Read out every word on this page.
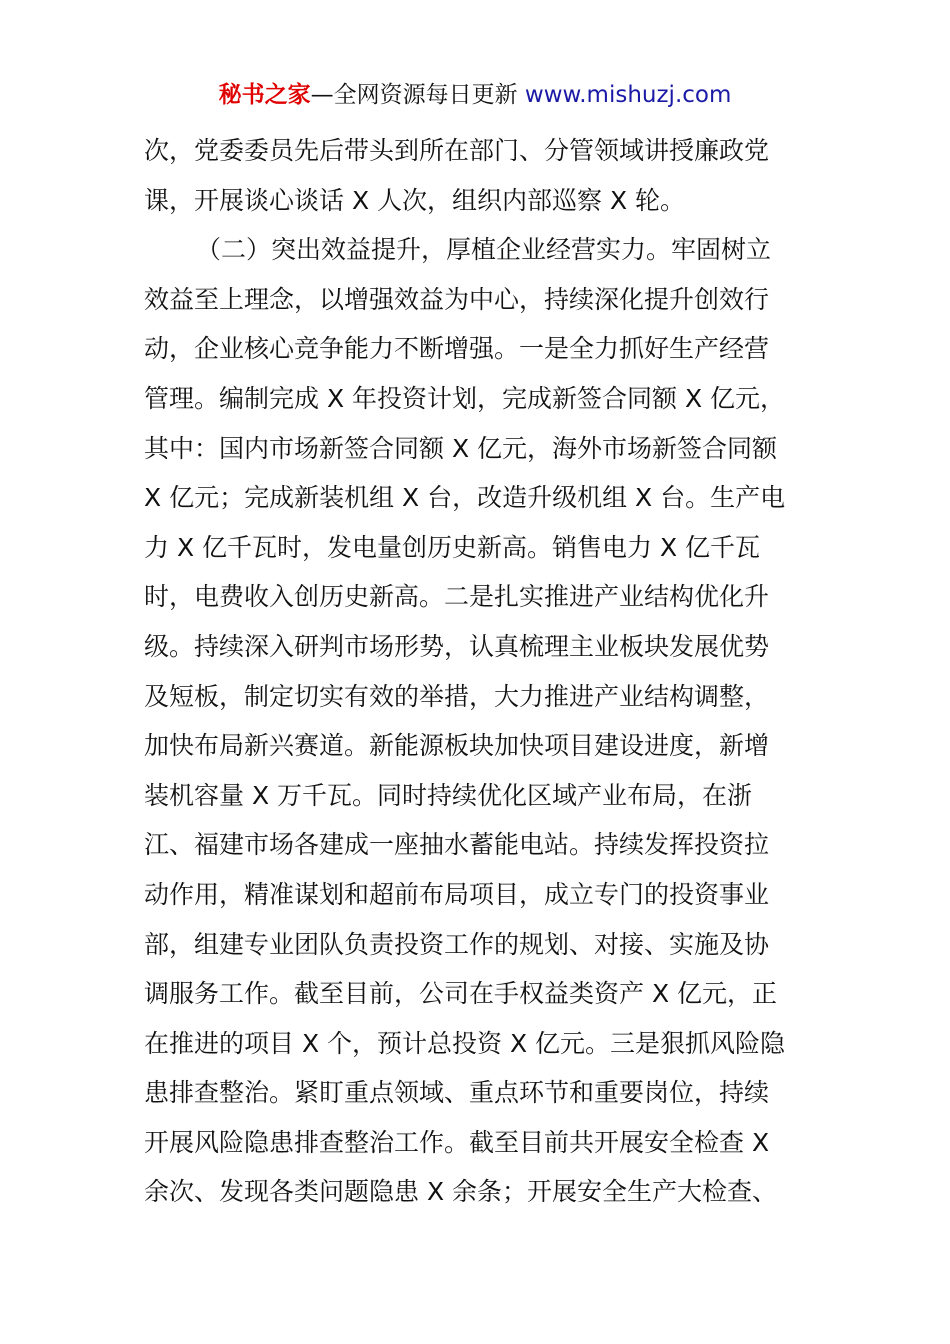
秘书之家—全网资源每日更新 www.mishuzj.com
次，党委委员先后带头到所在部门、分管领域讲授廉政党
课，开展谈心谈话 X 人次，组织内部巡察 X 轮。
（二）突出效益提升，厚植企业经营实力。牢固树立
效益至上理念，以增强效益为中心，持续深化提升创效行
动，企业核心竞争能力不断增强。一是全力抓好生产经营
管理。编制完成 X 年投资计划，完成新签合同额 X 亿元，
其中：国内市场新签合同额 X 亿元，海外市场新签合同额
X 亿元；完成新装机组 X 台，改造升级机组 X 台。生产电
力 X 亿千瓦时，发电量创历史新高。销售电力 X 亿千瓦
时，电费收入创历史新高。二是扎实推进产业结构优化升
级。持续深入研判市场形势，认真梳理主业板块发展优势
及短板，制定切实有效的举措，大力推进产业结构调整，
加快布局新兴赛道。新能源板块加快项目建设进度，新增
装机容量 X 万千瓦。同时持续优化区域产业布局，在浙
江、福建市场各建成一座抽水蓄能电站。持续发挥投资拉
动作用，精准谋划和超前布局项目，成立专门的投资事业
部，组建专业团队负责投资工作的规划、对接、实施及协
调服务工作。截至目前，公司在手权益类资产 X 亿元，正
在推进的项目 X 个，预计总投资 X 亿元。三是狠抓风险隐
患排查整治。紧盯重点领域、重点环节和重要岗位，持续
开展风险隐患排查整治工作。截至目前共开展安全检查 X
余次、发现各类问题隐患 X 余条；开展安全生产大检查、
